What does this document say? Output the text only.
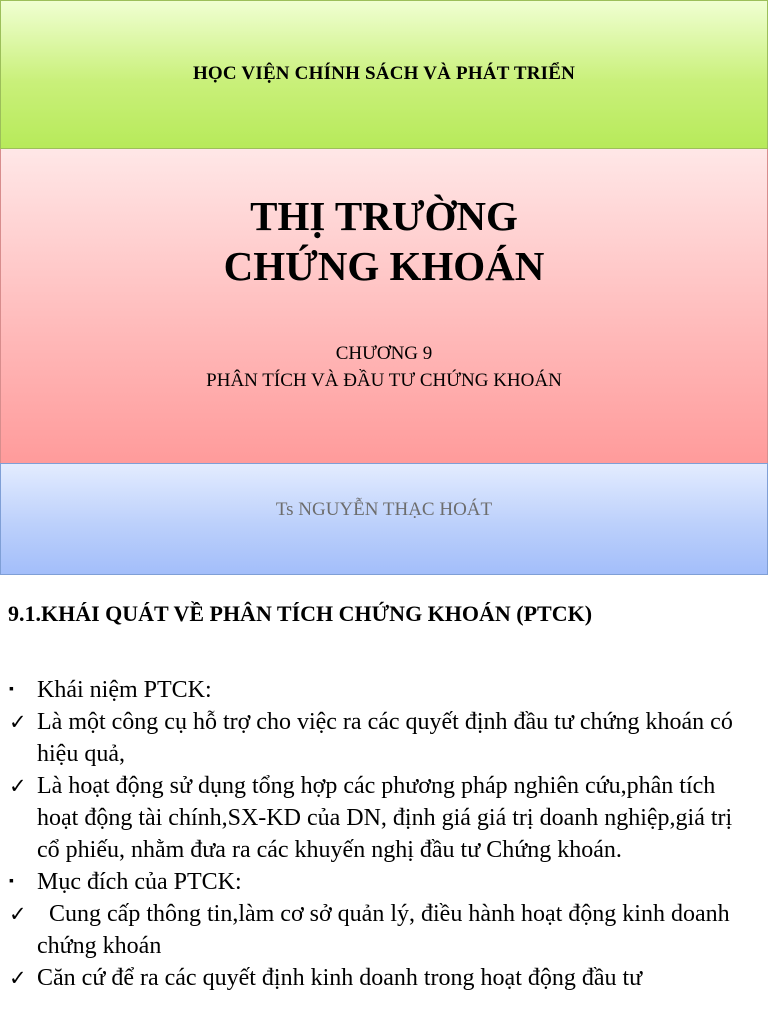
HỌC VIỆN CHÍNH SÁCH VÀ PHÁT TRIỂN
THỊ TRƯỜNG
CHỨNG KHOÁN
CHƯƠNG 9
PHÂN TÍCH VÀ ĐẦU TƯ CHỨNG KHOÁN
Ts NGUYỄN THẠC HOÁT
9.1.KHÁI QUÁT VỀ PHÂN TÍCH CHỨNG KHOÁN (PTCK)
▪ Khái niệm PTCK:
✓ Là một công cụ hỗ trợ cho việc ra các quyết định đầu tư chứng khoán có hiệu quả,
✓ Là hoạt động sử dụng tổng hợp các phương pháp nghiên cứu,phân tích hoạt động tài chính,SX-KD của DN, định giá giá trị doanh nghiệp,giá trị cổ phiếu, nhằm đưa ra các khuyến nghị đầu tư Chứng khoán.
▪ Mục đích của PTCK:
✓ Cung cấp thông tin,làm cơ sở quản lý, điều hành hoạt động kinh doanh chứng khoán
✓ Căn cứ để ra các quyết định kinh doanh trong hoạt động đầu tư
